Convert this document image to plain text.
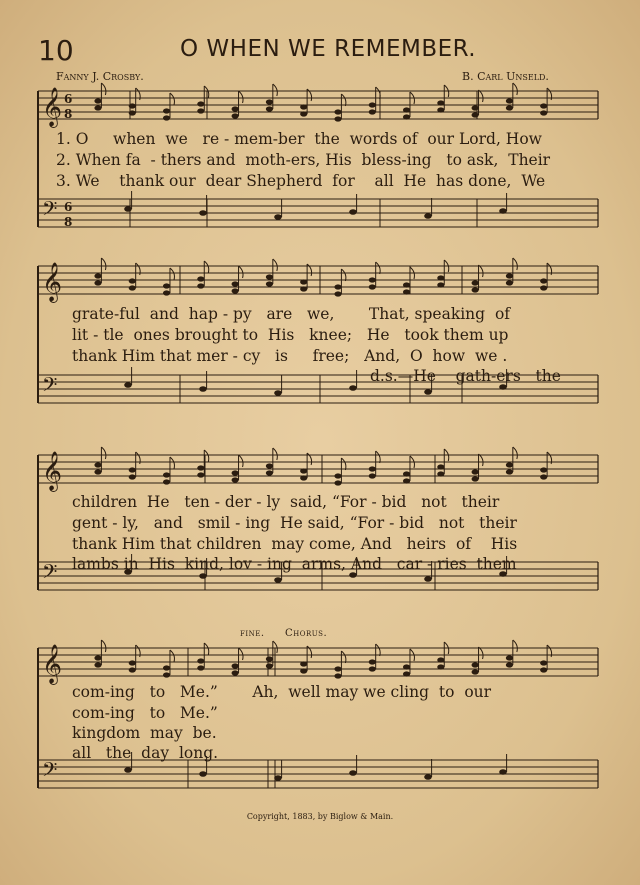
10	O WHEN WE REMEMBER.
Fanny J. Crosby.	B. Carl Unseld.
𝄞 6
8
𝄢 6
8
𝄞
𝄢
𝄞
𝄢
𝄞
𝄢
1. O     when  we   re - mem-ber  the  words of  our Lord, How
2. When fa  - thers and  moth-ers, His  bless-ing   to ask,  Their
3. We    thank our  dear Shepherd  for    all  He  has done,  We
grate-ful  and  hap - py   are   we,       That, speaking  of
lit - tle  ones brought to  His   knee;   He   took them up
thank Him that mer - cy   is     free;   And,  O  how  we .
d.s.—He    gath-ers   the
children  He   ten - der - ly  said, “For - bid   not   their
gent - ly,   and   smil - ing  He said, “For - bid   not   their
thank Him that children  may come, And   heirs  of    His
lambs in  His  kind, lov - ing  arms, And   car - ries  them
fine. Chorus.
com-ing   to   Me.”       Ah,  well may we cling  to  our
com-ing   to   Me.”
kingdom  may  be.
all   the  day  long.
Copyright, 1883, by Biglow & Main.
